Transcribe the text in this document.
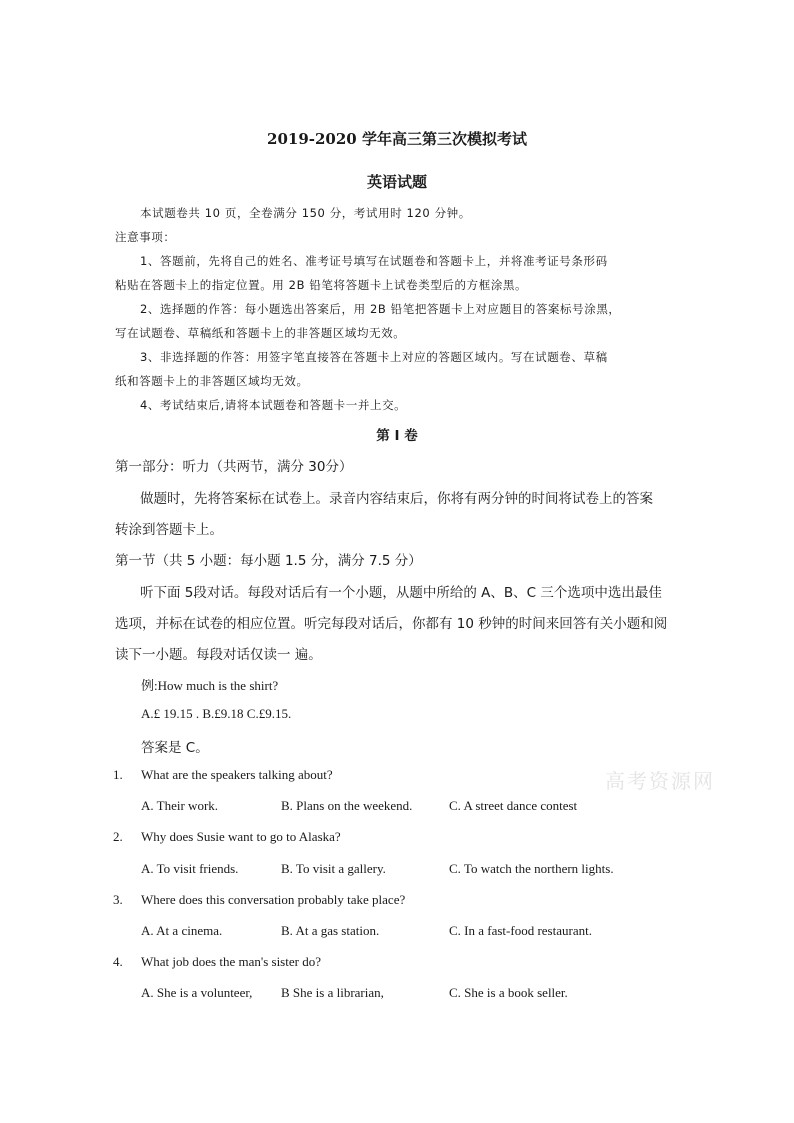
2019-2020 学年高三第三次模拟考试
英语试题
本试题卷共 10 页，全卷满分 150 分，考试用时 120 分钟。
注意事项：
1、答题前，先将自己的姓名、准考证号填写在试题卷和答题卡上，并将准考证号条形码
粘贴在答题卡上的指定位置。用 2B 铅笔将答题卡上试卷类型后的方框涂黑。
2、选择题的作答：每小题选出答案后，用 2B 铅笔把答题卡上对应题目的答案标号涂黑，
写在试题卷、草稿纸和答题卡上的非答题区域均无效。
3、非选择题的作答：用签字笔直接答在答题卡上对应的答题区域内。写在试题卷、草稿
纸和答题卡上的非答题区域均无效。
4、考试结束后,请将本试题卷和答题卡一并上交。
第 I 卷
第一部分：听力（共两节，满分 30分）
做题时，先将答案标在试卷上。录音内容结束后，你将有两分钟的时间将试卷上的答案
转涂到答题卡上。
第一节（共 5 小题：每小题 1.5 分，满分 7.5 分）
听下面 5段对话。每段对话后有一个小题，从题中所给的 A、B、C 三个选项中选出最佳
选项，并标在试卷的相应位置。听完每段对话后，你都有 10 秒钟的时间来回答有关小题和阅
读下一小题。每段对话仅读一 遍。
例:How much is the shirt?
A.£ 19.15 . B.£9.18 C.£9.15.
答案是 C。
1. What are the speakers talking about?
A. Their work.	B. Plans on the weekend.	C. A street dance contest
2. Why does Susie want to go to Alaska?
A. To visit friends.	B. To visit a gallery.	C. To watch the northern lights.
3. Where does this conversation probably take place?
A. At a cinema.	B. At a gas station.	C. In a fast-food restaurant.
4. What job does the man's sister do?
A. She is a volunteer, B She is a librarian,	C. She is a book seller.
高考资源网
